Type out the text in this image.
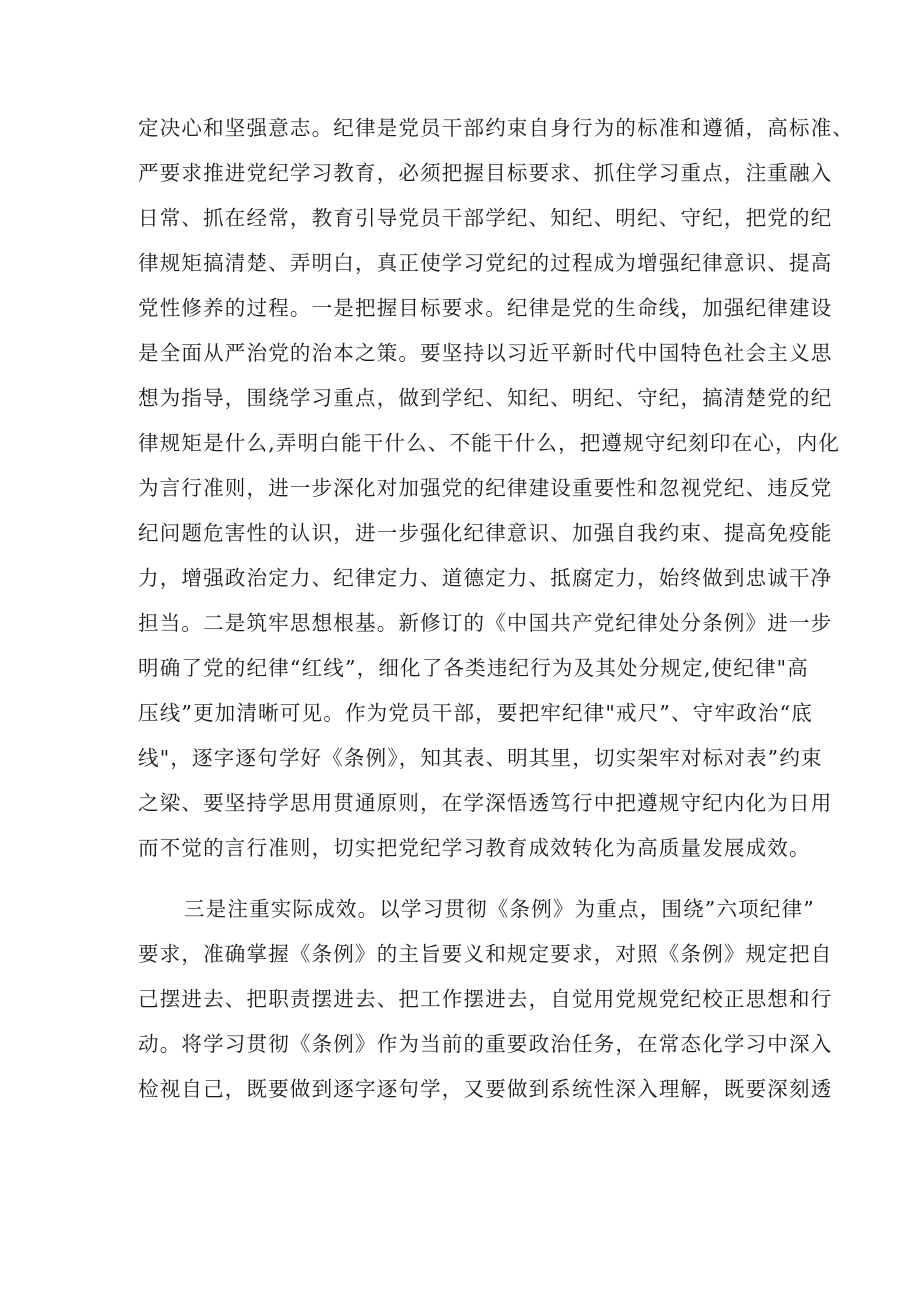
定决心和坚强意志。纪律是党员干部约束自身行为的标准和遵循，高标准、
严要求推进党纪学习教育，必须把握目标要求、抓住学习重点，注重融入
日常、抓在经常，教育引导党员干部学纪、知纪、明纪、守纪，把党的纪
律规矩搞清楚、弄明白，真正使学习党纪的过程成为增强纪律意识、提高
党性修养的过程。一是把握目标要求。纪律是党的生命线，加强纪律建设
是全面从严治党的治本之策。要坚持以习近平新时代中国特色社会主义思
想为指导，围绕学习重点，做到学纪、知纪、明纪、守纪，搞清楚党的纪
律规矩是什么,弄明白能干什么、不能干什么，把遵规守纪刻印在心，内化
为言行准则，进一步深化对加强党的纪律建设重要性和忽视党纪、违反党
纪问题危害性的认识，进一步强化纪律意识、加强自我约束、提高免疫能
力，增强政治定力、纪律定力、道德定力、抵腐定力，始终做到忠诚干净
担当。二是筑牢思想根基。新修订的《中国共产党纪律处分条例》进一步
明确了党的纪律“红线”，细化了各类违纪行为及其处分规定,使纪律"高
压线”更加清晰可见。作为党员干部，要把牢纪律"戒尺”、守牢政治“底
线"，逐字逐句学好《条例》，知其表、明其里，切实架牢对标对表”约束
之梁、要坚持学思用贯通原则，在学深悟透笃行中把遵规守纪内化为日用
而不觉的言行准则，切实把党纪学习教育成效转化为高质量发展成效。
三是注重实际成效。以学习贯彻《条例》为重点，围绕”六项纪律”
要求，准确掌握《条例》的主旨要义和规定要求，对照《条例》规定把自
己摆进去、把职责摆进去、把工作摆进去，自觉用党规党纪校正思想和行
动。将学习贯彻《条例》作为当前的重要政治任务，在常态化学习中深入
检视自己，既要做到逐字逐句学，又要做到系统性深入理解，既要深刻透
